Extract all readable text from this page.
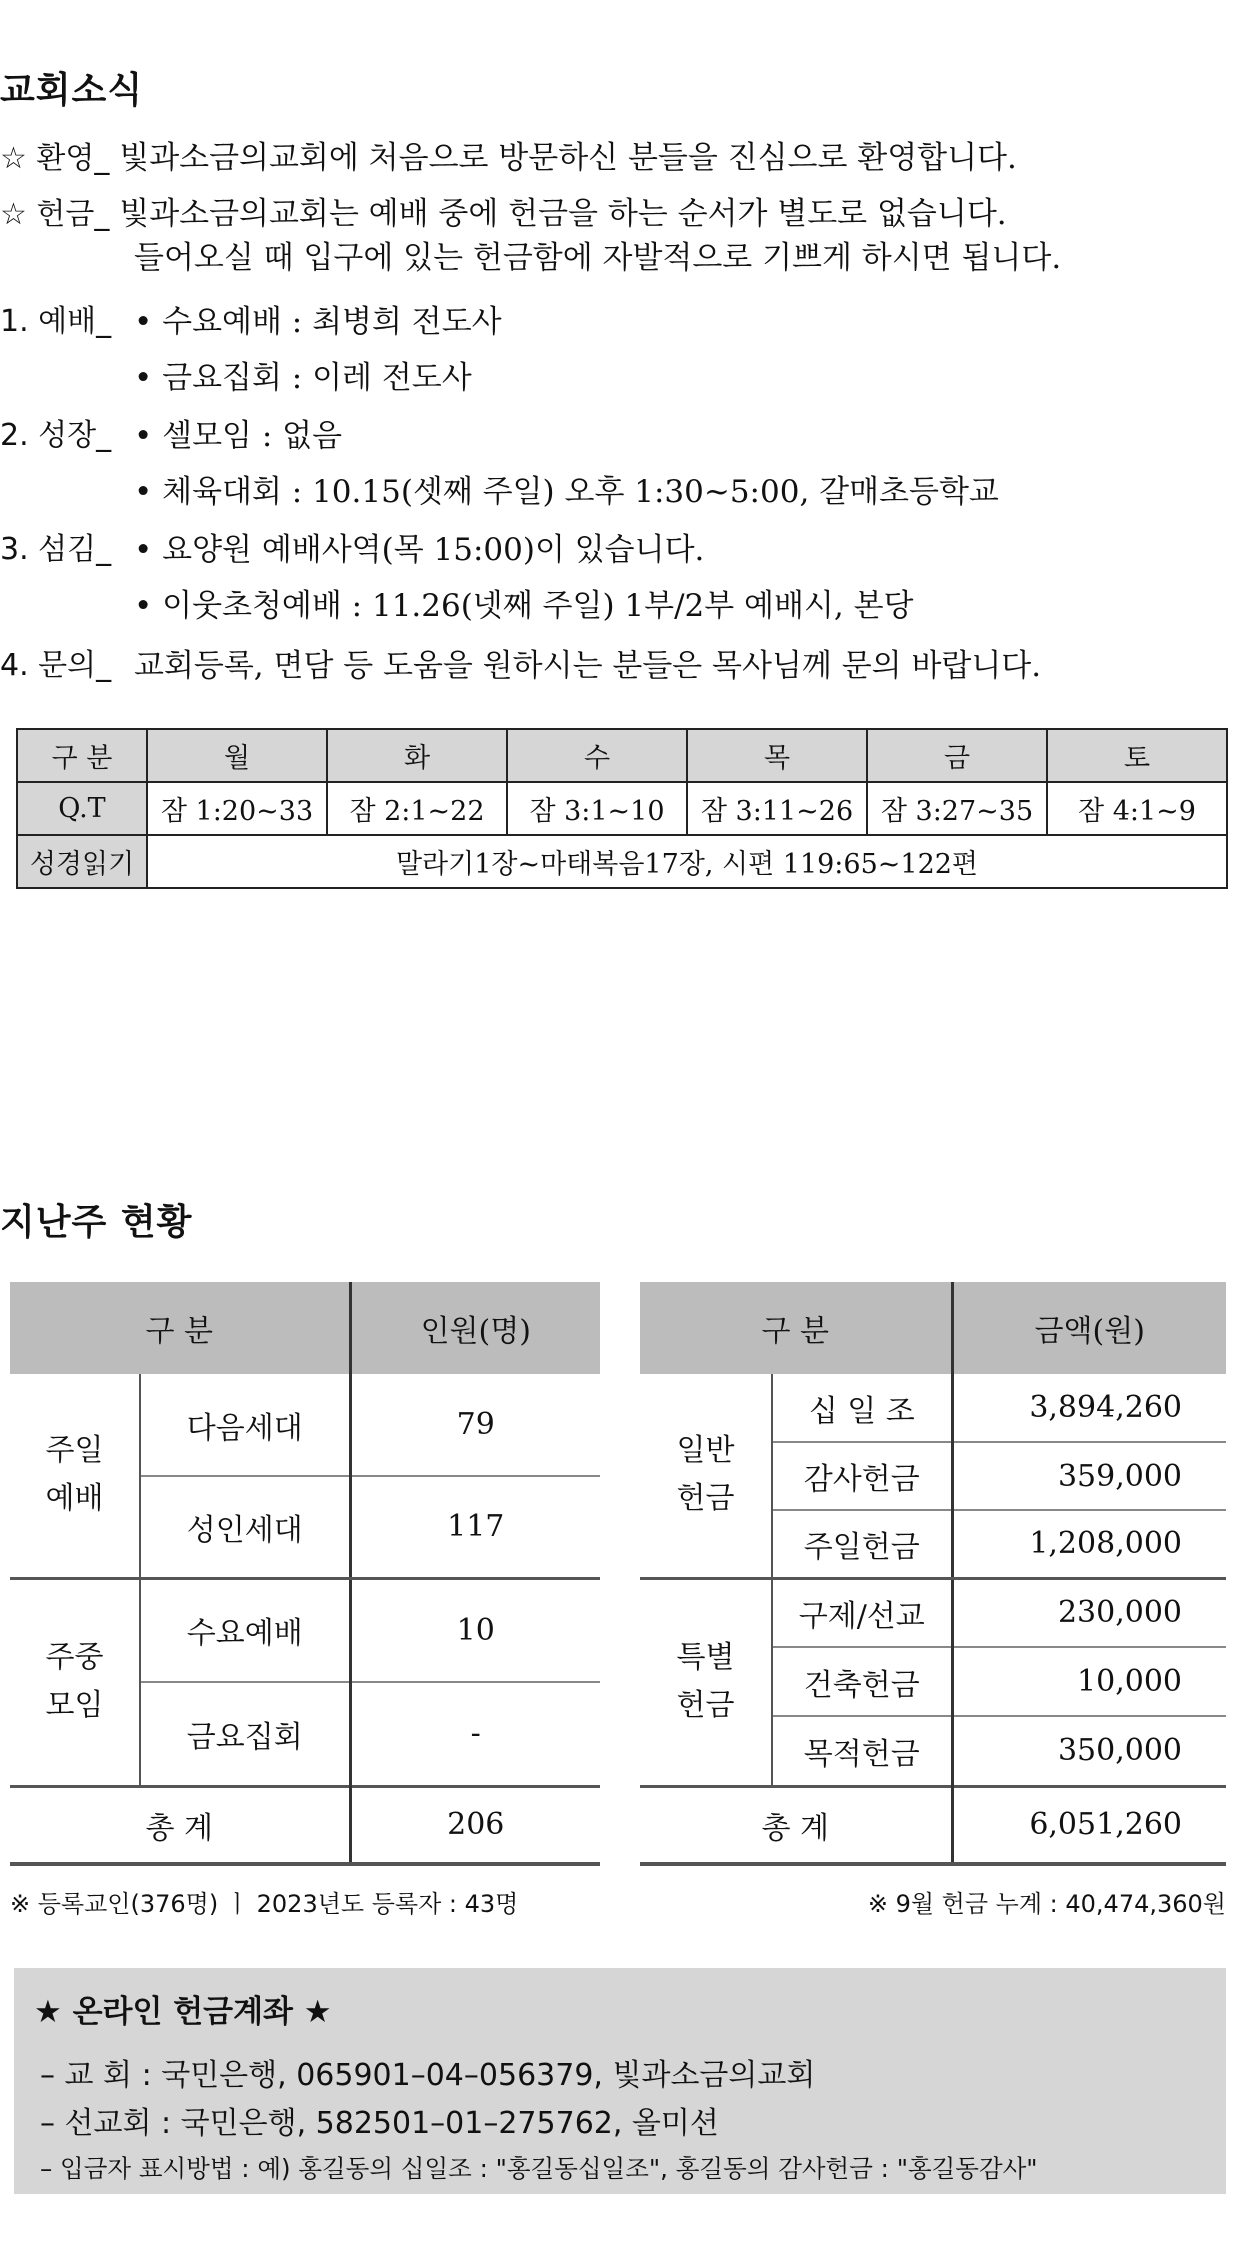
교회소식
☆ 환영_ 빛과소금의교회에 처음으로 방문하신 분들을 진심으로 환영합니다.
☆ 헌금_ 빛과소금의교회는 예배 중에 헌금을 하는 순서가 별도로 없습니다.
들어오실 때 입구에 있는 헌금함에 자발적으로 기쁘게 하시면 됩니다.
1. 예배_ • 수요예배 : 최병희 전도사
• 금요집회 : 이레 전도사
2. 성장_ • 셀모임 : 없음
• 체육대회 : 10.15(셋째 주일) 오후 1:30~5:00, 갈매초등학교
3. 섬김_ • 요양원 예배사역(목 15:00)이 있습니다.
• 이웃초청예배 : 11.26(넷째 주일) 1부/2부 예배시, 본당
4. 문의_ 교회등록, 면담 등 도움을 원하시는 분들은 목사님께 문의 바랍니다.
구 분	월	화	수	목	금	토
Q.T	잠 1:20~33	잠 2:1~22	잠 3:1~10	잠 3:11~26	잠 3:27~35	잠 4:1~9
성경읽기	말라기1장~마태복음17장, 시편 119:65~122편					
지난주 현황
구 분		인원(명)
주일
예배	다음세대	79
	성인세대	117
주중
모임	수요예배	10
	금요집회	-
총 계		206
구 분		금액(원)
일반
헌금	십 일 조	3,894,260
	감사헌금	359,000
	주일헌금	1,208,000
특별
헌금	구제/선교	230,000
	건축헌금	10,000
	목적헌금	350,000
총 계		6,051,260
※ 등록교인(376명) ㅣ 2023년도 등록자 : 43명	※ 9월 헌금 누계 : 40,474,360원
★ 온라인 헌금계좌 ★
– 교 회 : 국민은행, 065901–04–056379, 빛과소금의교회
– 선교회 : 국민은행, 582501–01–275762, 올미션
– 입금자 표시방법 : 예) 홍길동의 십일조 : "홍길동십일조", 홍길동의 감사헌금 : "홍길동감사"
